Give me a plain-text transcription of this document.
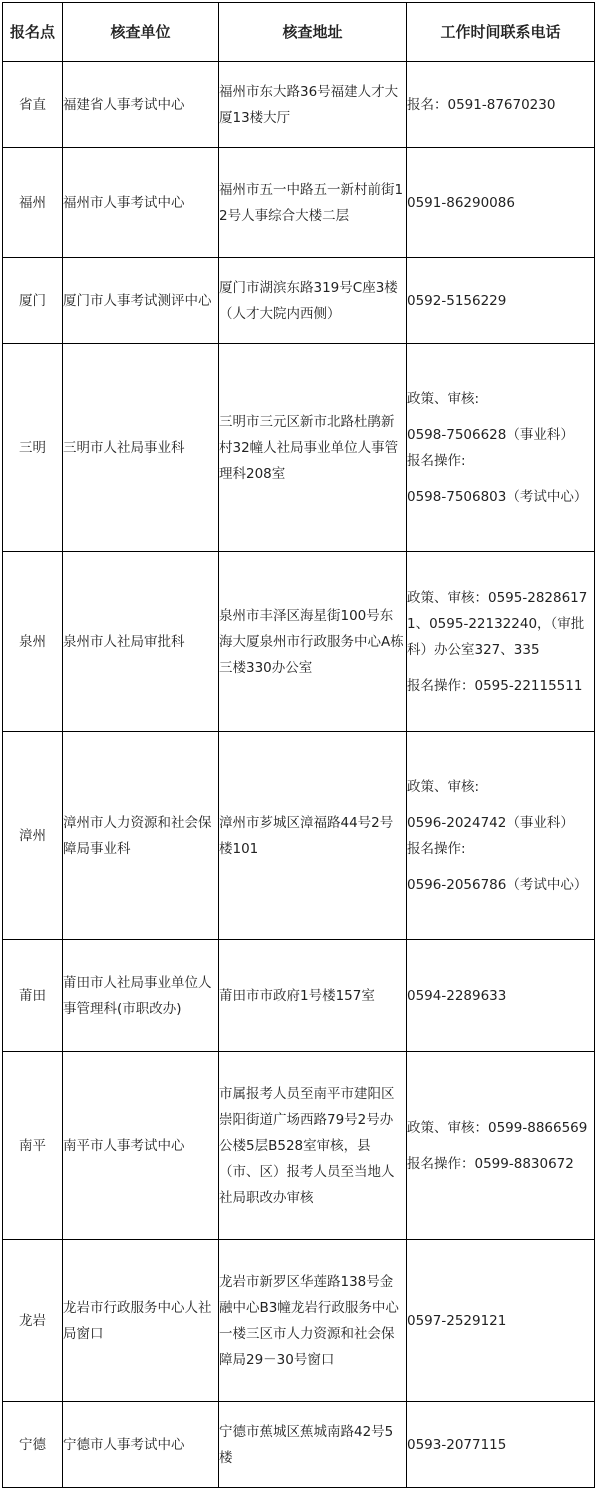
报名点	核查单位	核查地址	工作时间联系电话
省直	福建省人事考试中心	福州市东大路36号福建人才大厦13楼大厅	报名：0591-87670230

福州	福州市人事考试中心	福州市五一中路五一新村前街12号人事综合大楼二层	0591-86290086

厦门	厦门市人事考试测评中心	厦门市湖滨东路319号C座3楼（人才大院内西侧）	0592-5156229

三明	三明市人社局事业科	三明市三元区新市北路杜鹃新村32幢人社局事业单位人事管理科208室	政策、审核:
0598-7506628（事业科）
报名操作:
0598-7506803（考试中心）

泉州	泉州市人社局审批科	泉州市丰泽区海星街100号东海大厦泉州市行政服务中心A栋三楼330办公室	政策、审核：0595-28286171、0595-22132240，（审批科）办公室327、335
报名操作：0595-22115511

漳州	漳州市人力资源和社会保障局事业科	漳州市芗城区漳福路44号2号楼101	政策、审核:
0596-2024742（事业科）
报名操作:
0596-2056786（考试中心）

莆田	莆田市人社局事业单位人事管理科(市职改办)	莆田市市政府1号楼157室	0594-2289633

南平	南平市人事考试中心	市属报考人员至南平市建阳区崇阳街道广场西路79号2号办公楼5层B528室审核，县（市、区）报考人员至当地人社局职改办审核	政策、审核：0599-8866569
报名操作：0599-8830672

龙岩	龙岩市行政服务中心人社局窗口	龙岩市新罗区华莲路138号金融中心B3幢龙岩行政服务中心一楼三区市人力资源和社会保障局29－30号窗口	0597-2529121

宁德	宁德市人事考试中心	宁德市蕉城区蕉城南路42号5楼	0593-2077115
